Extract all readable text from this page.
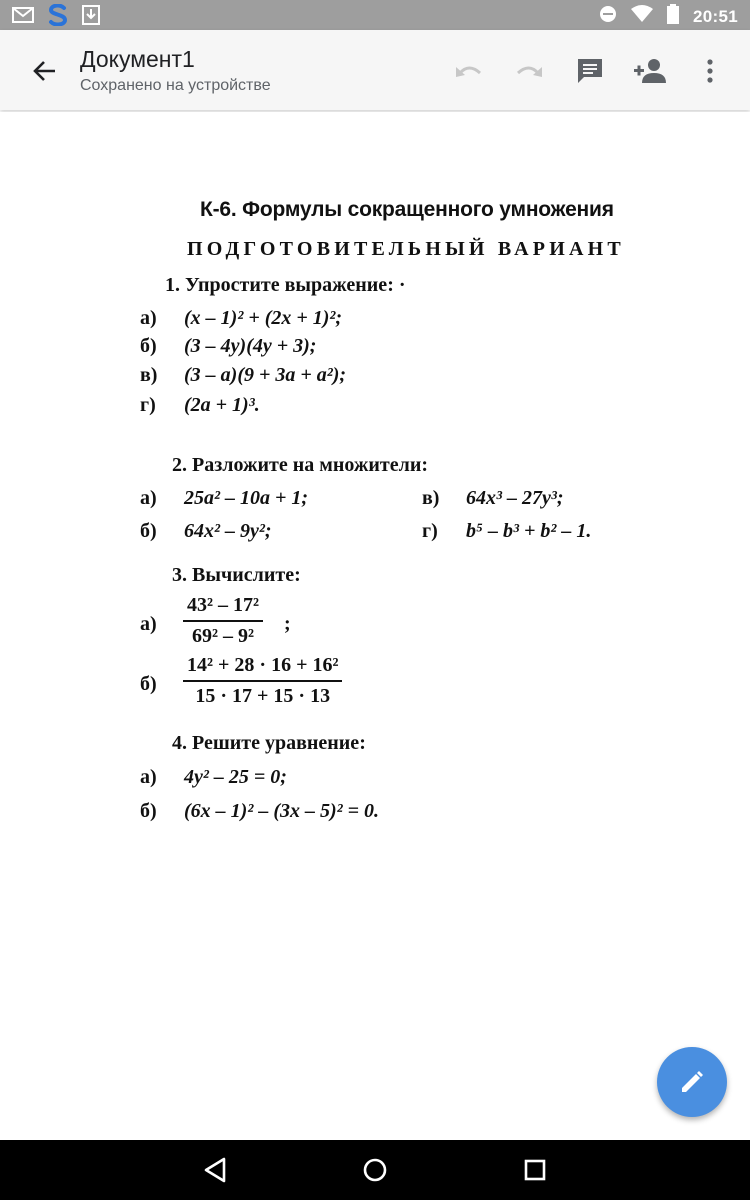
20:51
Документ1
Сохранено на устройстве
К-6. Формулы сокращенного умножения
ПОДГОТОВИТЕЛЬНЫЙ ВАРИАНТ
1. Упростите выражение: ·
а) (x – 1)² + (2x + 1)²;
б) (3 – 4y)(4y + 3);
в) (3 – a)(9 + 3a + a²);
г) (2a + 1)³.
2. Разложите на множители:
а) 25a² – 10a + 1;	в) 64x³ – 27y³;
б) 64x² – 9y²;	г) b⁵ – b³ + b² – 1.
3. Вычислите:
$а) \frac{\text{43² – 17²}}{\text{69² – 9²}}$ ;
$б) \frac{\text{14² + 28 · 16 + 16²}}{15 \cdot 17 + 15 \cdot 13}$
4. Решите уравнение:
а) 4y² – 25 = 0;
б) (6x – 1)² – (3x – 5)² = 0.
